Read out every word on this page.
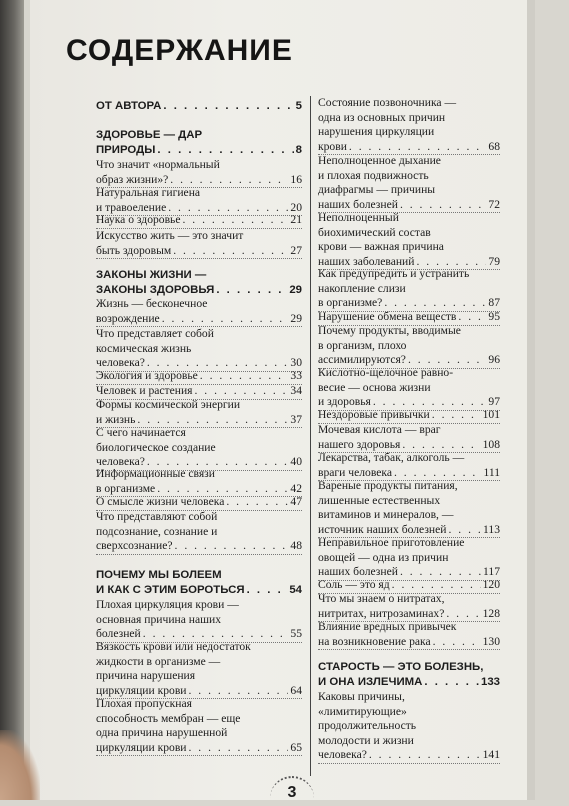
СОДЕРЖАНИЕ
ОТ АВТОРА . . .	5
ЗДОРОВЬЕ — ДАР
ПРИРОДЫ . . .	8
Что значит «нормальный
образ жизни»? . . .	16
Натуральная гигиена
и травоеление . . .	20
Наука о здоровье . . .	21
Искусство жить — это значит
быть здоровым . . .	27
ЗАКОНЫ ЖИЗНИ —
ЗАКОНЫ ЗДОРОВЬЯ . . .	29
Жизнь — бесконечное
возрождение . . .	29
Что представляет собой
космическая жизнь
человека? . . .	30
Экология и здоровье . . .	33
Человек и растения . . .	34
Формы космической энергии
и жизнь . . .	37
С чего начинается
биологическое создание
человека? . . .	40
Информационные связи
в организме . . .	42
О смысле жизни человека . . .	47
Что представляют собой
подсознание, сознание и
сверхсознание? . . .	48
ПОЧЕМУ МЫ БОЛЕЕМ
И КАК С ЭТИМ БОРОТЬСЯ . . .	54
Плохая циркуляция крови —
основная причина наших
болезней . . .	55
Вязкость крови или недостаток
жидкости в организме —
причина нарушения
циркуляции крови . . .	64
Плохая пропускная
способность мембран — еще
одна причина нарушенной
циркуляции крови . . .	65
Состояние позвоночника —
одна из основных причин
нарушения циркуляции
крови . . .	68
Неполноценное дыхание
и плохая подвижность
диафрагмы — причины
наших болезней . . .	72
Неполноценный
биохимический состав
крови — важная причина
наших заболеваний . . .	79
Как предупредить и устранить
накопление слизи
в организме? . . .	87
Нарушение обмена веществ . . .	95
Почему продукты, вводимые
в организм, плохо
ассимилируются? . . .	96
Кислотно-щелочное равно-
весие — основа жизни
и здоровья . . .	97
Нездоровые привычки . . .	101
Мочевая кислота — враг
нашего здоровья . . .	108
Лекарства, табак, алкоголь —
враги человека . . .	111
Вареные продукты питания,
лишенные естественных
витаминов и минералов, —
источник наших болезней . . .	113
Неправильное приготовление
овощей — одна из причин
наших болезней . . .	117
Соль — это яд . . .	120
Что мы знаем о нитратах,
нитритах, нитрозаминах? . . .	128
Влияние вредных привычек
на возникновение рака . . .	130
СТАРОСТЬ — ЭТО БОЛЕЗНЬ,
И ОНА ИЗЛЕЧИМА . . .	133
Каковы причины,
«лимитирующие»
продолжительность
молодости и жизни
человека? . . .	141
3
